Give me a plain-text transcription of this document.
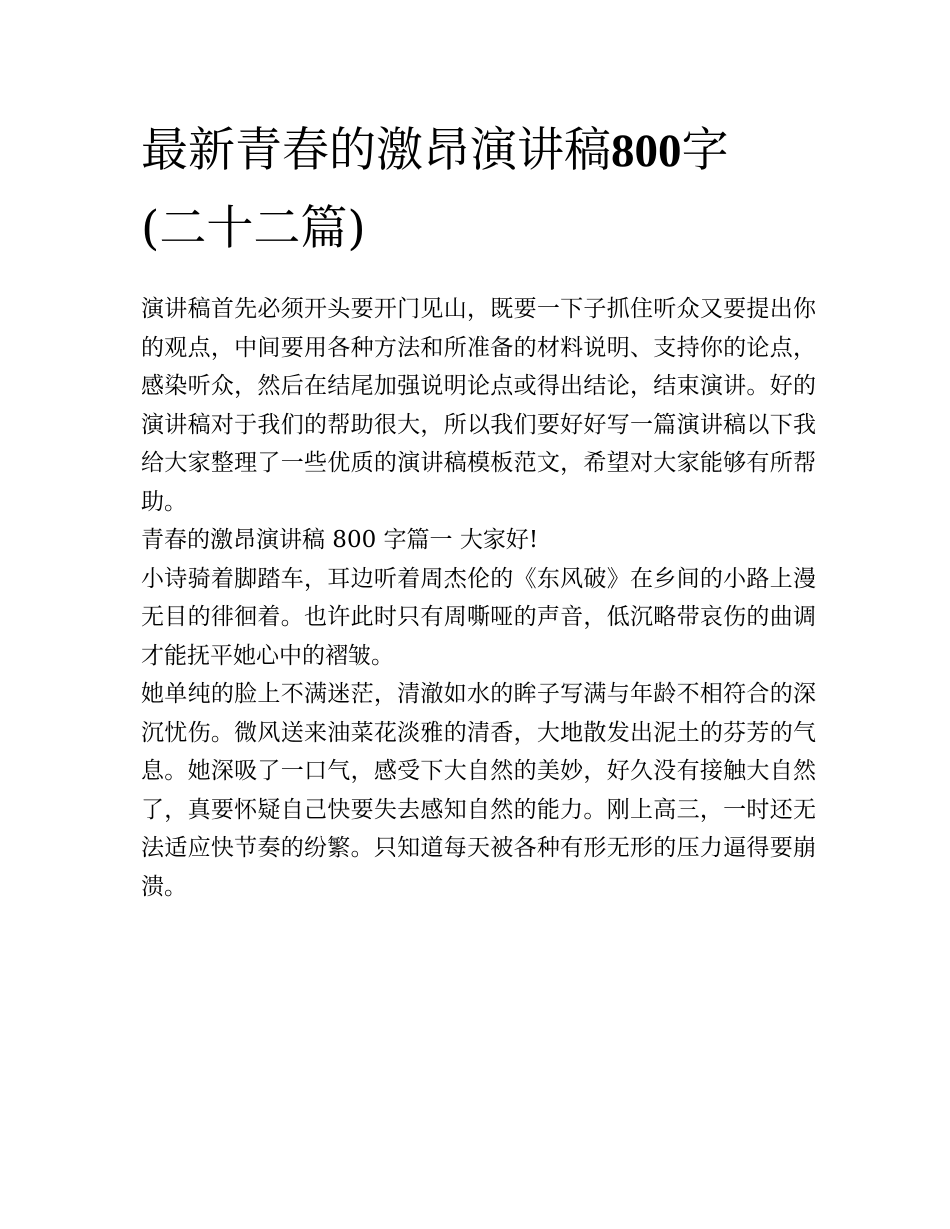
最新青春的激昂演讲稿800字
(二十二篇)

演讲稿首先必须开头要开门见山，既要一下子抓住听众又要提出你的观点，中间要用各种方法和所准备的材料说明、支持你的论点，感染听众，然后在结尾加强说明论点或得出结论，结束演讲。好的演讲稿对于我们的帮助很大，所以我们要好好写一篇演讲稿以下我给大家整理了一些优质的演讲稿模板范文，希望对大家能够有所帮助。

青春的激昂演讲稿 800 字篇一 大家好!

小诗骑着脚踏车，耳边听着周杰伦的《东风破》在乡间的小路上漫无目的徘徊着。也许此时只有周嘶哑的声音，低沉略带哀伤的曲调才能抚平她心中的褶皱。

她单纯的脸上不满迷茫，清澈如水的眸子写满与年龄不相符合的深沉忧伤。微风送来油菜花淡雅的清香，大地散发出泥土的芬芳的气息。她深吸了一口气，感受下大自然的美妙，好久没有接触大自然了，真要怀疑自己快要失去感知自然的能力。刚上高三，一时还无法适应快节奏的纷繁。只知道每天被各种有形无形的压力逼得要崩溃。
